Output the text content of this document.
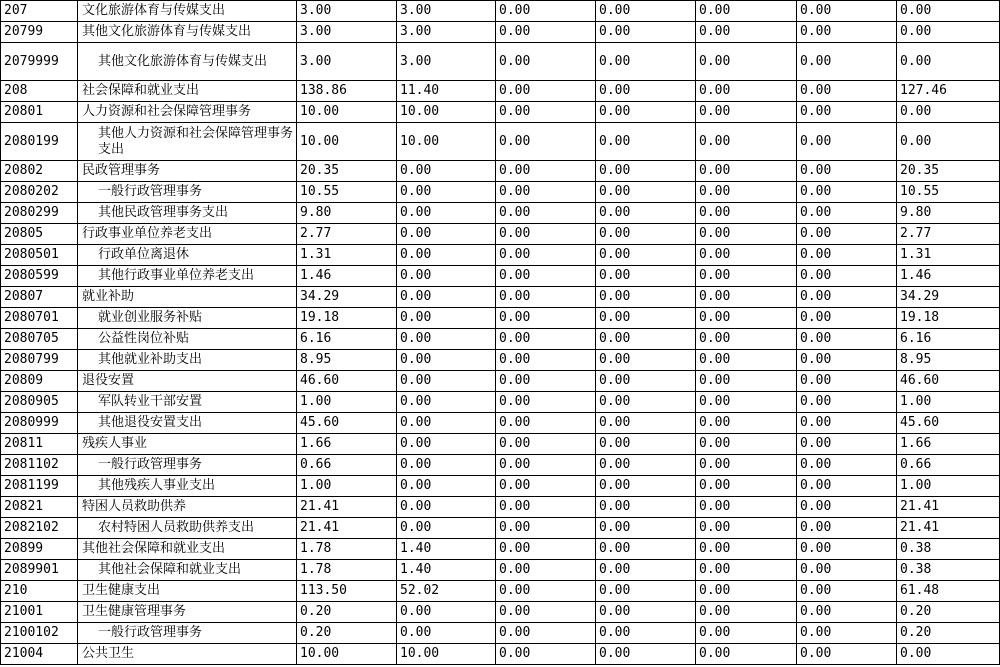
207	文化旅游体育与传媒支出	3.00	3.00	0.00	0.00	0.00	0.00	0.00
20799	其他文化旅游体育与传媒支出	3.00	3.00	0.00	0.00	0.00	0.00	0.00
2079999	其他文化旅游体育与传媒支出	3.00	3.00	0.00	0.00	0.00	0.00	0.00
208	社会保障和就业支出	138.86	11.40	0.00	0.00	0.00	0.00	127.46
20801	人力资源和社会保障管理事务	10.00	10.00	0.00	0.00	0.00	0.00	0.00
2080199	其他人力资源和社会保障管理事务支出	10.00	10.00	0.00	0.00	0.00	0.00	0.00
20802	民政管理事务	20.35	0.00	0.00	0.00	0.00	0.00	20.35
2080202	一般行政管理事务	10.55	0.00	0.00	0.00	0.00	0.00	10.55
2080299	其他民政管理事务支出	9.80	0.00	0.00	0.00	0.00	0.00	9.80
20805	行政事业单位养老支出	2.77	0.00	0.00	0.00	0.00	0.00	2.77
2080501	行政单位离退休	1.31	0.00	0.00	0.00	0.00	0.00	1.31
2080599	其他行政事业单位养老支出	1.46	0.00	0.00	0.00	0.00	0.00	1.46
20807	就业补助	34.29	0.00	0.00	0.00	0.00	0.00	34.29
2080701	就业创业服务补贴	19.18	0.00	0.00	0.00	0.00	0.00	19.18
2080705	公益性岗位补贴	6.16	0.00	0.00	0.00	0.00	0.00	6.16
2080799	其他就业补助支出	8.95	0.00	0.00	0.00	0.00	0.00	8.95
20809	退役安置	46.60	0.00	0.00	0.00	0.00	0.00	46.60
2080905	军队转业干部安置	1.00	0.00	0.00	0.00	0.00	0.00	1.00
2080999	其他退役安置支出	45.60	0.00	0.00	0.00	0.00	0.00	45.60
20811	残疾人事业	1.66	0.00	0.00	0.00	0.00	0.00	1.66
2081102	一般行政管理事务	0.66	0.00	0.00	0.00	0.00	0.00	0.66
2081199	其他残疾人事业支出	1.00	0.00	0.00	0.00	0.00	0.00	1.00
20821	特困人员救助供养	21.41	0.00	0.00	0.00	0.00	0.00	21.41
2082102	农村特困人员救助供养支出	21.41	0.00	0.00	0.00	0.00	0.00	21.41
20899	其他社会保障和就业支出	1.78	1.40	0.00	0.00	0.00	0.00	0.38
2089901	其他社会保障和就业支出	1.78	1.40	0.00	0.00	0.00	0.00	0.38
210	卫生健康支出	113.50	52.02	0.00	0.00	0.00	0.00	61.48
21001	卫生健康管理事务	0.20	0.00	0.00	0.00	0.00	0.00	0.20
2100102	一般行政管理事务	0.20	0.00	0.00	0.00	0.00	0.00	0.20
21004	公共卫生	10.00	10.00	0.00	0.00	0.00	0.00	0.00
